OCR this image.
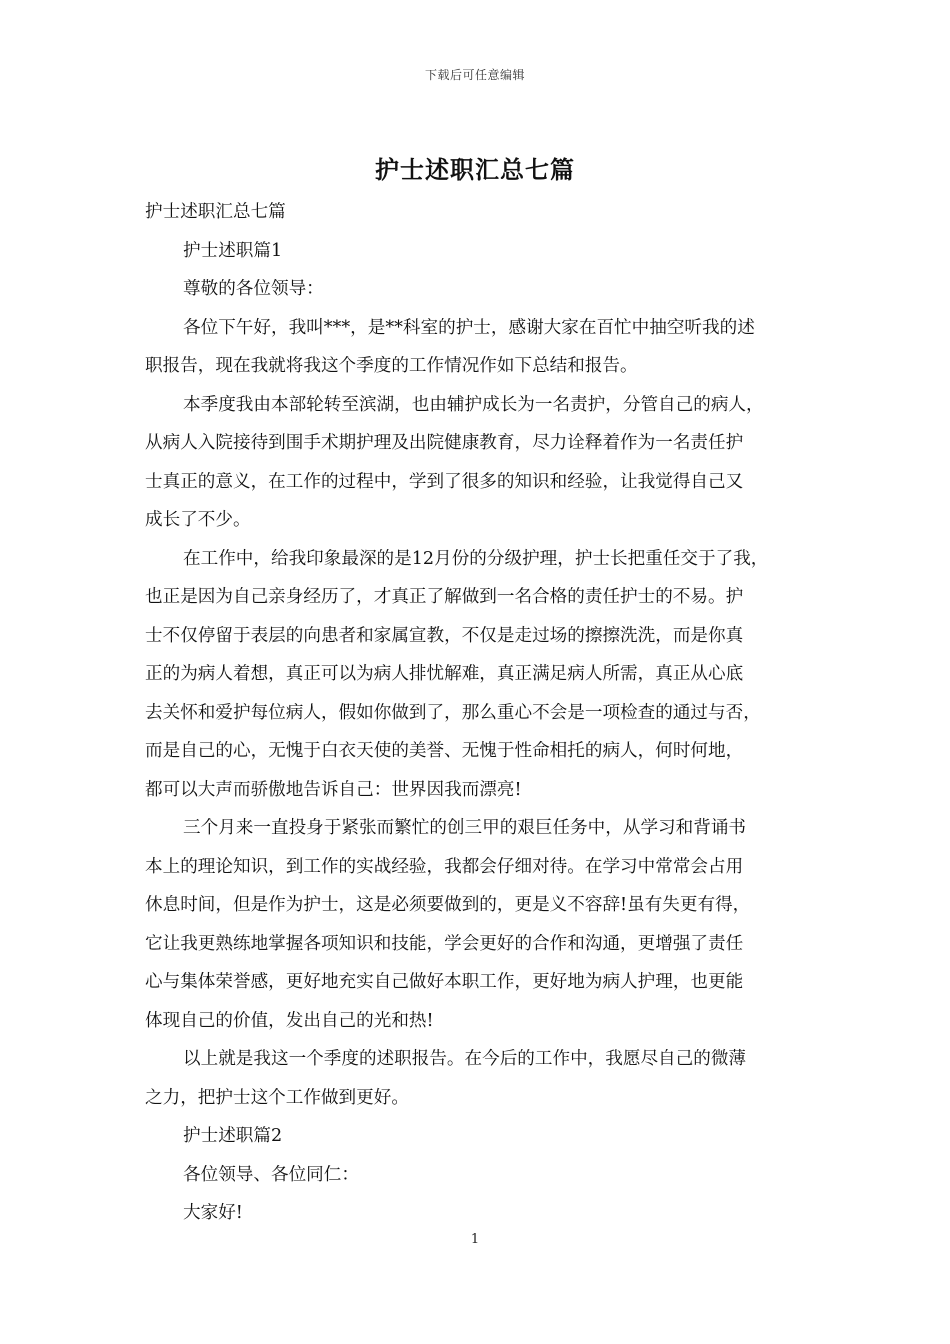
下载后可任意编辑
护士述职汇总七篇
护士述职汇总七篇
护士述职篇1
尊敬的各位领导：
各位下午好，我叫***，是**科室的护士，感谢大家在百忙中抽空听我的述
职报告，现在我就将我这个季度的工作情况作如下总结和报告。
本季度我由本部轮转至滨湖，也由辅护成长为一名责护，分管自己的病人，
从病人入院接待到围手术期护理及出院健康教育，尽力诠释着作为一名责任护
士真正的意义，在工作的过程中，学到了很多的知识和经验，让我觉得自己又
成长了不少。
在工作中，给我印象最深的是12月份的分级护理，护士长把重任交于了我，
也正是因为自己亲身经历了，才真正了解做到一名合格的责任护士的不易。护
士不仅停留于表层的向患者和家属宣教，不仅是走过场的擦擦洗洗，而是你真
正的为病人着想，真正可以为病人排忧解难，真正满足病人所需，真正从心底
去关怀和爱护每位病人，假如你做到了，那么重心不会是一项检查的通过与否，
而是自己的心，无愧于白衣天使的美誉、无愧于性命相托的病人，何时何地，
都可以大声而骄傲地告诉自己：世界因我而漂亮!
三个月来一直投身于紧张而繁忙的创三甲的艰巨任务中，从学习和背诵书
本上的理论知识，到工作的实战经验，我都会仔细对待。在学习中常常会占用
休息时间，但是作为护士，这是必须要做到的，更是义不容辞!虽有失更有得，
它让我更熟练地掌握各项知识和技能，学会更好的合作和沟通，更增强了责任
心与集体荣誉感，更好地充实自己做好本职工作，更好地为病人护理，也更能
体现自己的价值，发出自己的光和热!
以上就是我这一个季度的述职报告。在今后的工作中，我愿尽自己的微薄
之力，把护士这个工作做到更好。
护士述职篇2
各位领导、各位同仁：
大家好!
1
